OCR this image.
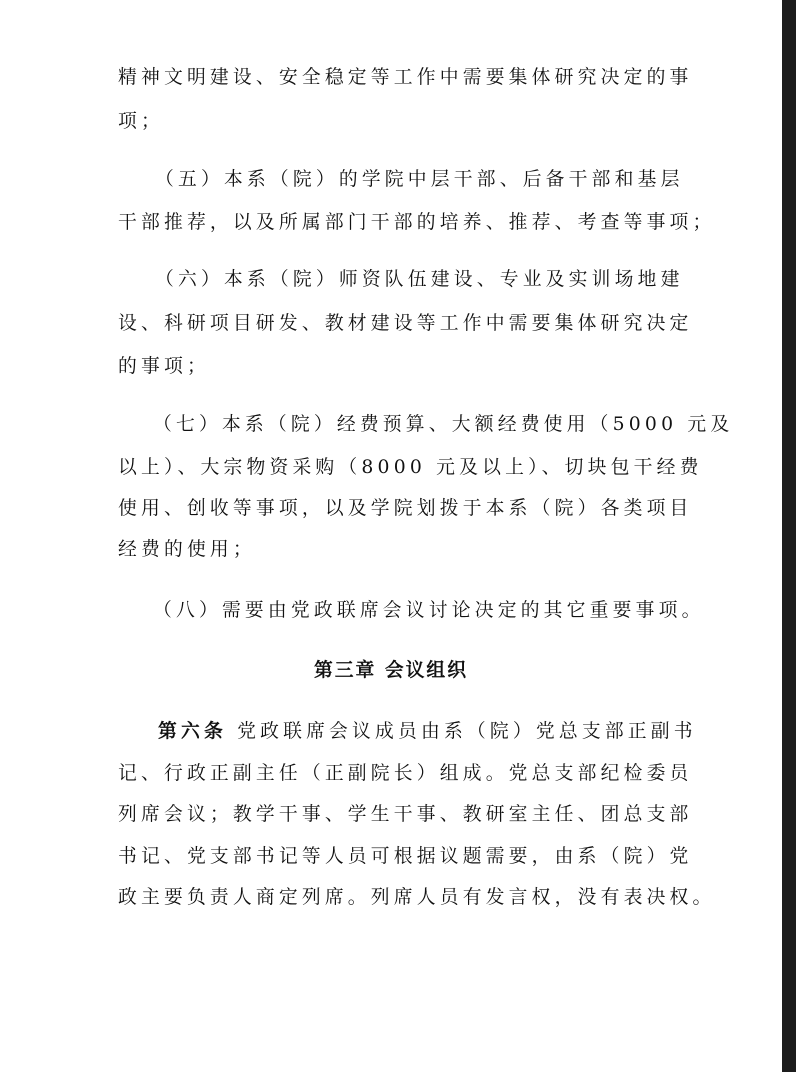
精神文明建设、安全稳定等工作中需要集体研究决定的事
项；
（五）本系（院）的学院中层干部、后备干部和基层
干部推荐，以及所属部门干部的培养、推荐、考查等事项；
（六）本系（院）师资队伍建设、专业及实训场地建
设、科研项目研发、教材建设等工作中需要集体研究决定
的事项；
（七）本系（院）经费预算、大额经费使用（5000 元及
以上）、大宗物资采购（8000 元及以上）、切块包干经费
使用、创收等事项，以及学院划拨于本系（院）各类项目
经费的使用；
（八）需要由党政联席会议讨论决定的其它重要事项。
第三章 会议组织
第六条 党政联席会议成员由系（院）党总支部正副书
记、行政正副主任（正副院长）组成。党总支部纪检委员
列席会议；教学干事、学生干事、教研室主任、团总支部
书记、党支部书记等人员可根据议题需要，由系（院）党
政主要负责人商定列席。列席人员有发言权，没有表决权。
